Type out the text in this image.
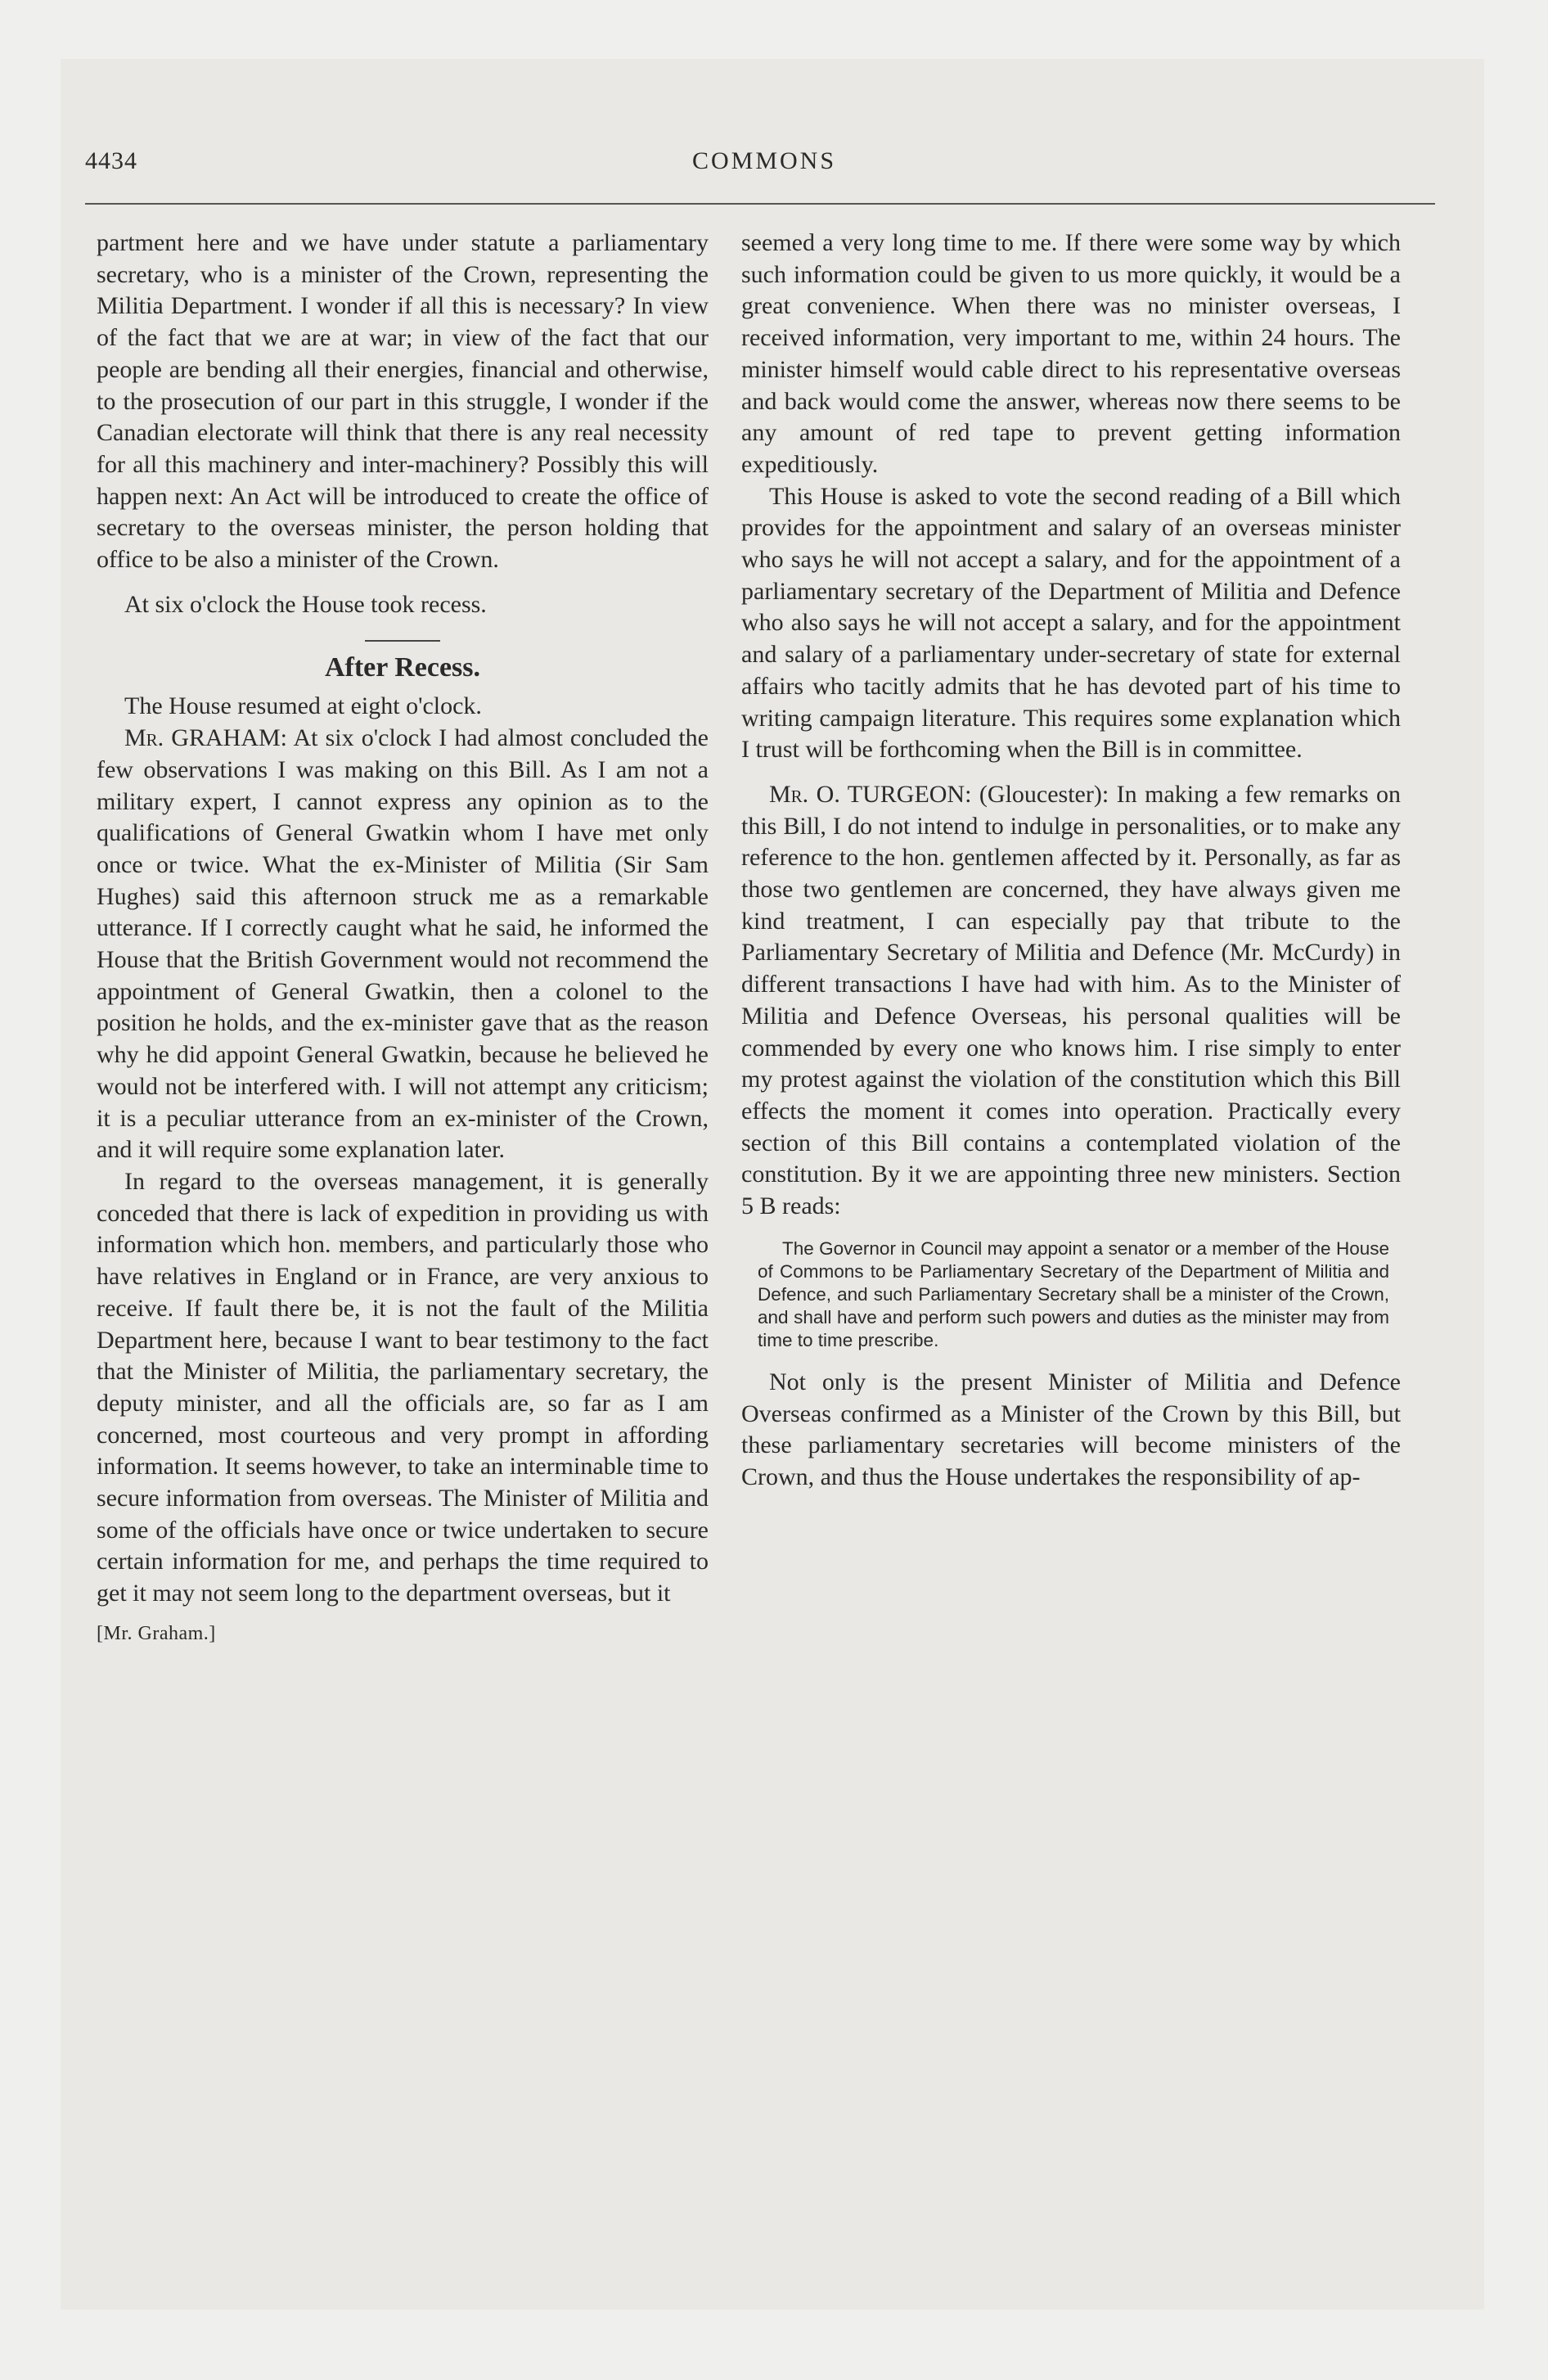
4434	COMMONS

partment here and we have under statute a parliamentary secretary, who is a minister of the Crown, representing the Militia Department. I wonder if all this is necessary? In view of the fact that we are at war; in view of the fact that our people are bending all their energies, financial and otherwise, to the prosecution of our part in this struggle, I wonder if the Canadian electorate will think that there is any real necessity for all this machinery and inter-machinery? Possibly this will happen next: An Act will be introduced to create the office of secretary to the overseas minister, the person holding that office to be also a minister of the Crown.

At six o'clock the House took recess.

After Recess.

The House resumed at eight o'clock.

Mr. GRAHAM: At six o'clock I had almost concluded the few observations I was making on this Bill. As I am not a military expert, I cannot express any opinion as to the qualifications of General Gwatkin whom I have met only once or twice. What the ex-Minister of Militia (Sir Sam Hughes) said this afternoon struck me as a remarkable utterance. If I correctly caught what he said, he informed the House that the British Government would not recommend the appointment of General Gwatkin, then a colonel to the position he holds, and the ex-minister gave that as the reason why he did appoint General Gwatkin, because he believed he would not be interfered with. I will not attempt any criticism; it is a peculiar utterance from an ex-minister of the Crown, and it will require some explanation later.

In regard to the overseas management, it is generally conceded that there is lack of expedition in providing us with information which hon. members, and particularly those who have relatives in England or in France, are very anxious to receive. If fault there be, it is not the fault of the Militia Department here, because I want to bear testimony to the fact that the Minister of Militia, the parliamentary secretary, the deputy minister, and all the officials are, so far as I am concerned, most courteous and very prompt in affording information. It seems however, to take an interminable time to secure information from overseas. The Minister of Militia and some of the officials have once or twice undertaken to secure certain information for me, and perhaps the time required to get it may not seem long to the department overseas, but it

[Mr. Graham.]

seemed a very long time to me. If there were some way by which such information could be given to us more quickly, it would be a great convenience. When there was no minister overseas, I received information, very important to me, within 24 hours. The minister himself would cable direct to his representative overseas and back would come the answer, whereas now there seems to be any amount of red tape to prevent getting information expeditiously.

This House is asked to vote the second reading of a Bill which provides for the appointment and salary of an overseas minister who says he will not accept a salary, and for the appointment of a parliamentary secretary of the Department of Militia and Defence who also says he will not accept a salary, and for the appointment and salary of a parliamentary under-secretary of state for external affairs who tacitly admits that he has devoted part of his time to writing campaign literature. This requires some explanation which I trust will be forthcoming when the Bill is in committee.

Mr. O. TURGEON: (Gloucester): In making a few remarks on this Bill, I do not intend to indulge in personalities, or to make any reference to the hon. gentlemen affected by it. Personally, as far as those two gentlemen are concerned, they have always given me kind treatment, I can especially pay that tribute to the Parliamentary Secretary of Militia and Defence (Mr. McCurdy) in different transactions I have had with him. As to the Minister of Militia and Defence Overseas, his personal qualities will be commended by every one who knows him. I rise simply to enter my protest against the violation of the constitution which this Bill effects the moment it comes into operation. Practically every section of this Bill contains a contemplated violation of the constitution. By it we are appointing three new ministers. Section 5 B reads:

The Governor in Council may appoint a senator or a member of the House of Commons to be Parliamentary Secretary of the Department of Militia and Defence, and such Parliamentary Secretary shall be a minister of the Crown, and shall have and perform such powers and duties as the minister may from time to time prescribe.

Not only is the present Minister of Militia and Defence Overseas confirmed as a Minister of the Crown by this Bill, but these parliamentary secretaries will become ministers of the Crown, and thus the House undertakes the responsibility of ap-
